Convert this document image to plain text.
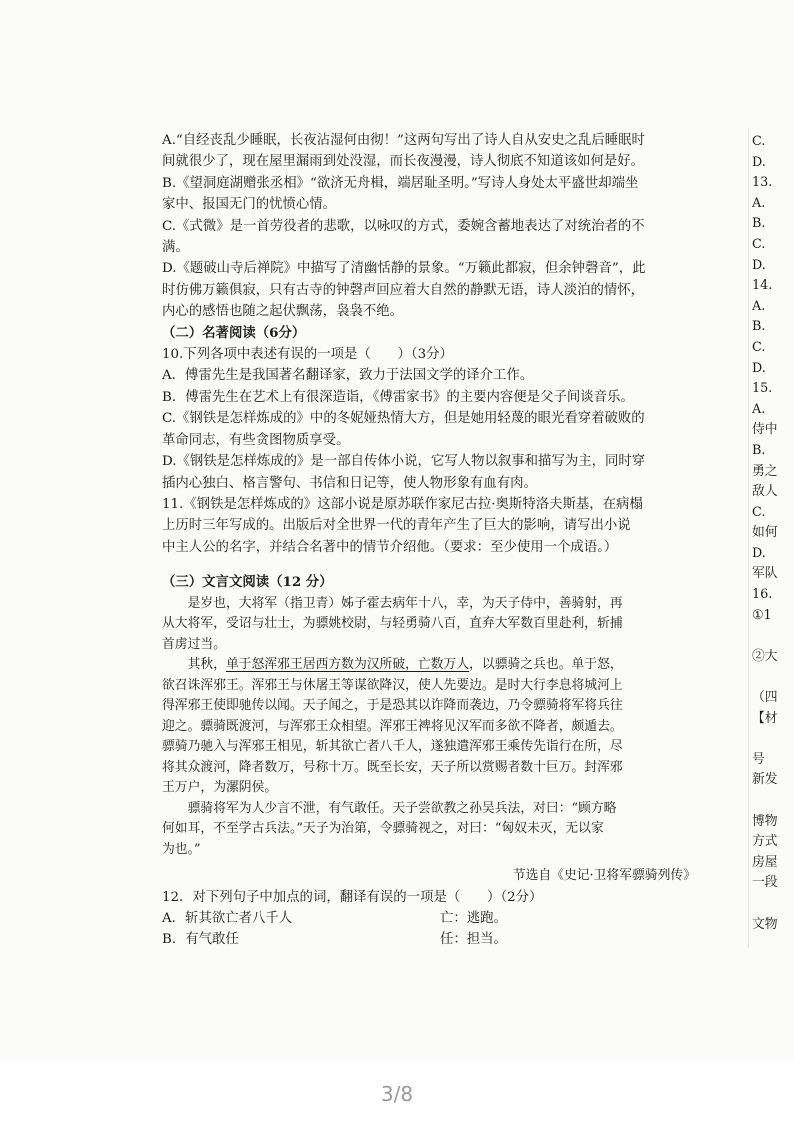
A.“自经丧乱少睡眠，长夜沾湿何由彻！”这两句写出了诗人自从安史之乱后睡眠时

间就很少了，现在屋里漏雨到处没湿，而长夜漫漫，诗人彻底不知道该如何是好。

B.《望洞庭湖赠张丞相》“欲济无舟楫，端居耻圣明。”写诗人身处太平盛世却端坐

家中、报国无门的忧愤心情。

C.《式微》是一首劳役者的悲歌，以咏叹的方式，委婉含蓄地表达了对统治者的不

满。

D.《题破山寺后禅院》中描写了清幽恬静的景象。“万籁此都寂，但余钟磬音”，此

时仿佛万籁俱寂，只有古寺的钟磬声回应着大自然的静默无语，诗人淡泊的情怀，

内心的感悟也随之起伏飘荡，袅袅不绝。

（二）名著阅读（6分）

10.下列各项中表述有误的一项是（　　）（3分）

A．傅雷先生是我国著名翻译家，致力于法国文学的译介工作。

B．傅雷先生在艺术上有很深造诣，《傅雷家书》的主要内容便是父子间谈音乐。

C.《钢铁是怎样炼成的》中的冬妮娅热情大方，但是她用轻蔑的眼光看穿着破败的

革命同志，有些贪图物质享受。

D.《钢铁是怎样炼成的》是一部自传体小说，它写人物以叙事和描写为主，同时穿

插内心独白、格言警句、书信和日记等，使人物形象有血有肉。

11.《钢铁是怎样炼成的》这部小说是原苏联作家尼古拉·奥斯特洛夫斯基，在病榻

上历时三年写成的。出版后对全世界一代的青年产生了巨大的影响，请写出小说

中主人公的名字，并结合名著中的情节介绍他。（要求：至少使用一个成语。）

（三）文言文阅读（12 分）

是岁也，大将军（指卫青）姊子霍去病年十八，幸，为天子侍中，善骑射，再

从大将军，受诏与壮士，为骠姚校尉，与轻勇骑八百，直弃大军数百里赴利，斩捕

首虏过当。

其秋，单于怒浑邪王居西方数为汉所破，亡数万人，以骠骑之兵也。单于怒，

欲召诛浑邪王。浑邪王与休屠王等谋欲降汉，使人先要边。是时大行李息将城河上

得浑邪王使即驰传以闻。天子闻之，于是恐其以诈降而袭边，乃令骠骑将军将兵往

迎之。骠骑既渡河，与浑邪王众相望。浑邪王裨将见汉军而多欲不降者，颇遁去。

骠骑乃驰入与浑邪王相见，斩其欲亡者八千人，遂独遣浑邪王乘传先诣行在所，尽

将其众渡河，降者数万，号称十万。既至长安，天子所以赏赐者数十巨万。封浑邪

王万户，为漯阴侯。

骠骑将军为人少言不泄，有气敢任。天子尝欲教之孙吴兵法，对曰：“顾方略

何如耳，不至学古兵法。”天子为治第，令骠骑视之，对曰：“匈奴未灭，无以家

为也。”

节选自《史记·卫将军骠骑列传》

12．对下列句子中加点的词，翻译有误的一项是（　　）（2分）

A．斩其欲亡者八千人	亡：逃跑。
B．有气敢任	任：担当。
C.
D.
13.
A.
B.
C.
D.
14.
A.
B.
C.
D.
15.
A.
侍中
B.
勇之
敌人
C.
如何
D.
军队
16.
①1
②大
（四
【材
号
新发
博物
方式
房屋
一段
文物
3/8
